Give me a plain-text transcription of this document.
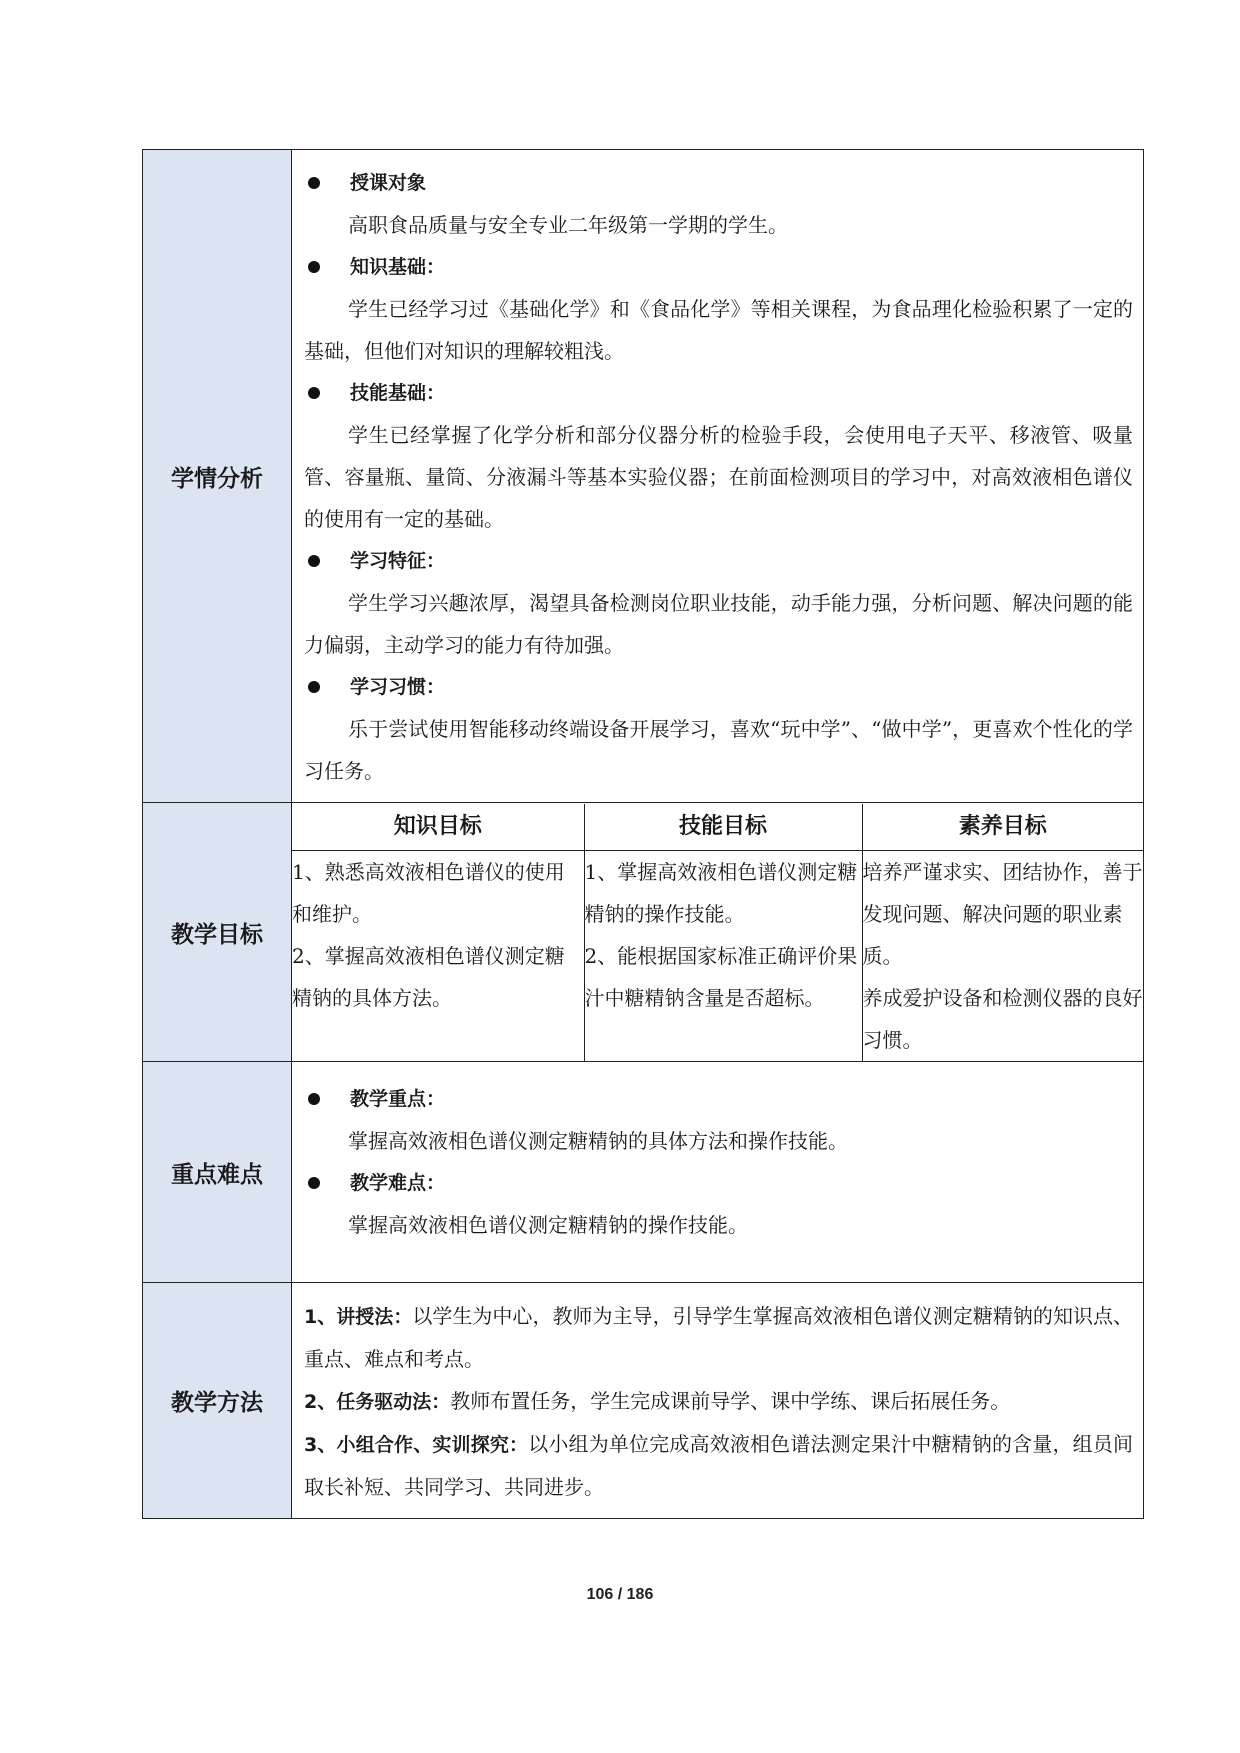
学情分析	
授课对象
高职食品质量与安全专业二年级第一学期的学生。
知识基础：
学生已经学习过《基础化学》和《食品化学》等相关课程，为食品理化检验积累了一定的基础，但他们对知识的理解较粗浅。
技能基础：
学生已经掌握了化学分析和部分仪器分析的检验手段，会使用电子天平、移液管、吸量管、容量瓶、量筒、分液漏斗等基本实验仪器；在前面检测项目的学习中，对高效液相色谱仪的使用有一定的基础。
学习特征：
学生学习兴趣浓厚，渴望具备检测岗位职业技能，动手能力强，分析问题、解决问题的能力偏弱，主动学习的能力有待加强。
学习习惯：
乐于尝试使用智能移动终端设备开展学习，喜欢“玩中学”、“做中学”，更喜欢个性化的学习任务。

教学目标	
知识目标	技能目标	素养目标

1、熟悉高效液相色谱仪的使用和维护。
2、掌握高效液相色谱仪测定糖精钠的具体方法。

1、掌握高效液相色谱仪测定糖精钠的操作技能。
2、能根据国家标准正确评价果汁中糖精钠含量是否超标。

培养严谨求实、团结协作，善于发现问题、解决问题的职业素质。
养成爱护设备和检测仪器的良好习惯。

重点难点	
教学重点：
掌握高效液相色谱仪测定糖精钠的具体方法和操作技能。
教学难点：
掌握高效液相色谱仪测定糖精钠的操作技能。

教学方法	
1、讲授法：以学生为中心，教师为主导，引导学生掌握高效液相色谱仪测定糖精钠的知识点、重点、难点和考点。
2、任务驱动法：教师布置任务，学生完成课前导学、课中学练、课后拓展任务。
3、小组合作、实训探究：以小组为单位完成高效液相色谱法测定果汁中糖精钠的含量，组员间取长补短、共同学习、共同进步。
106 / 186
